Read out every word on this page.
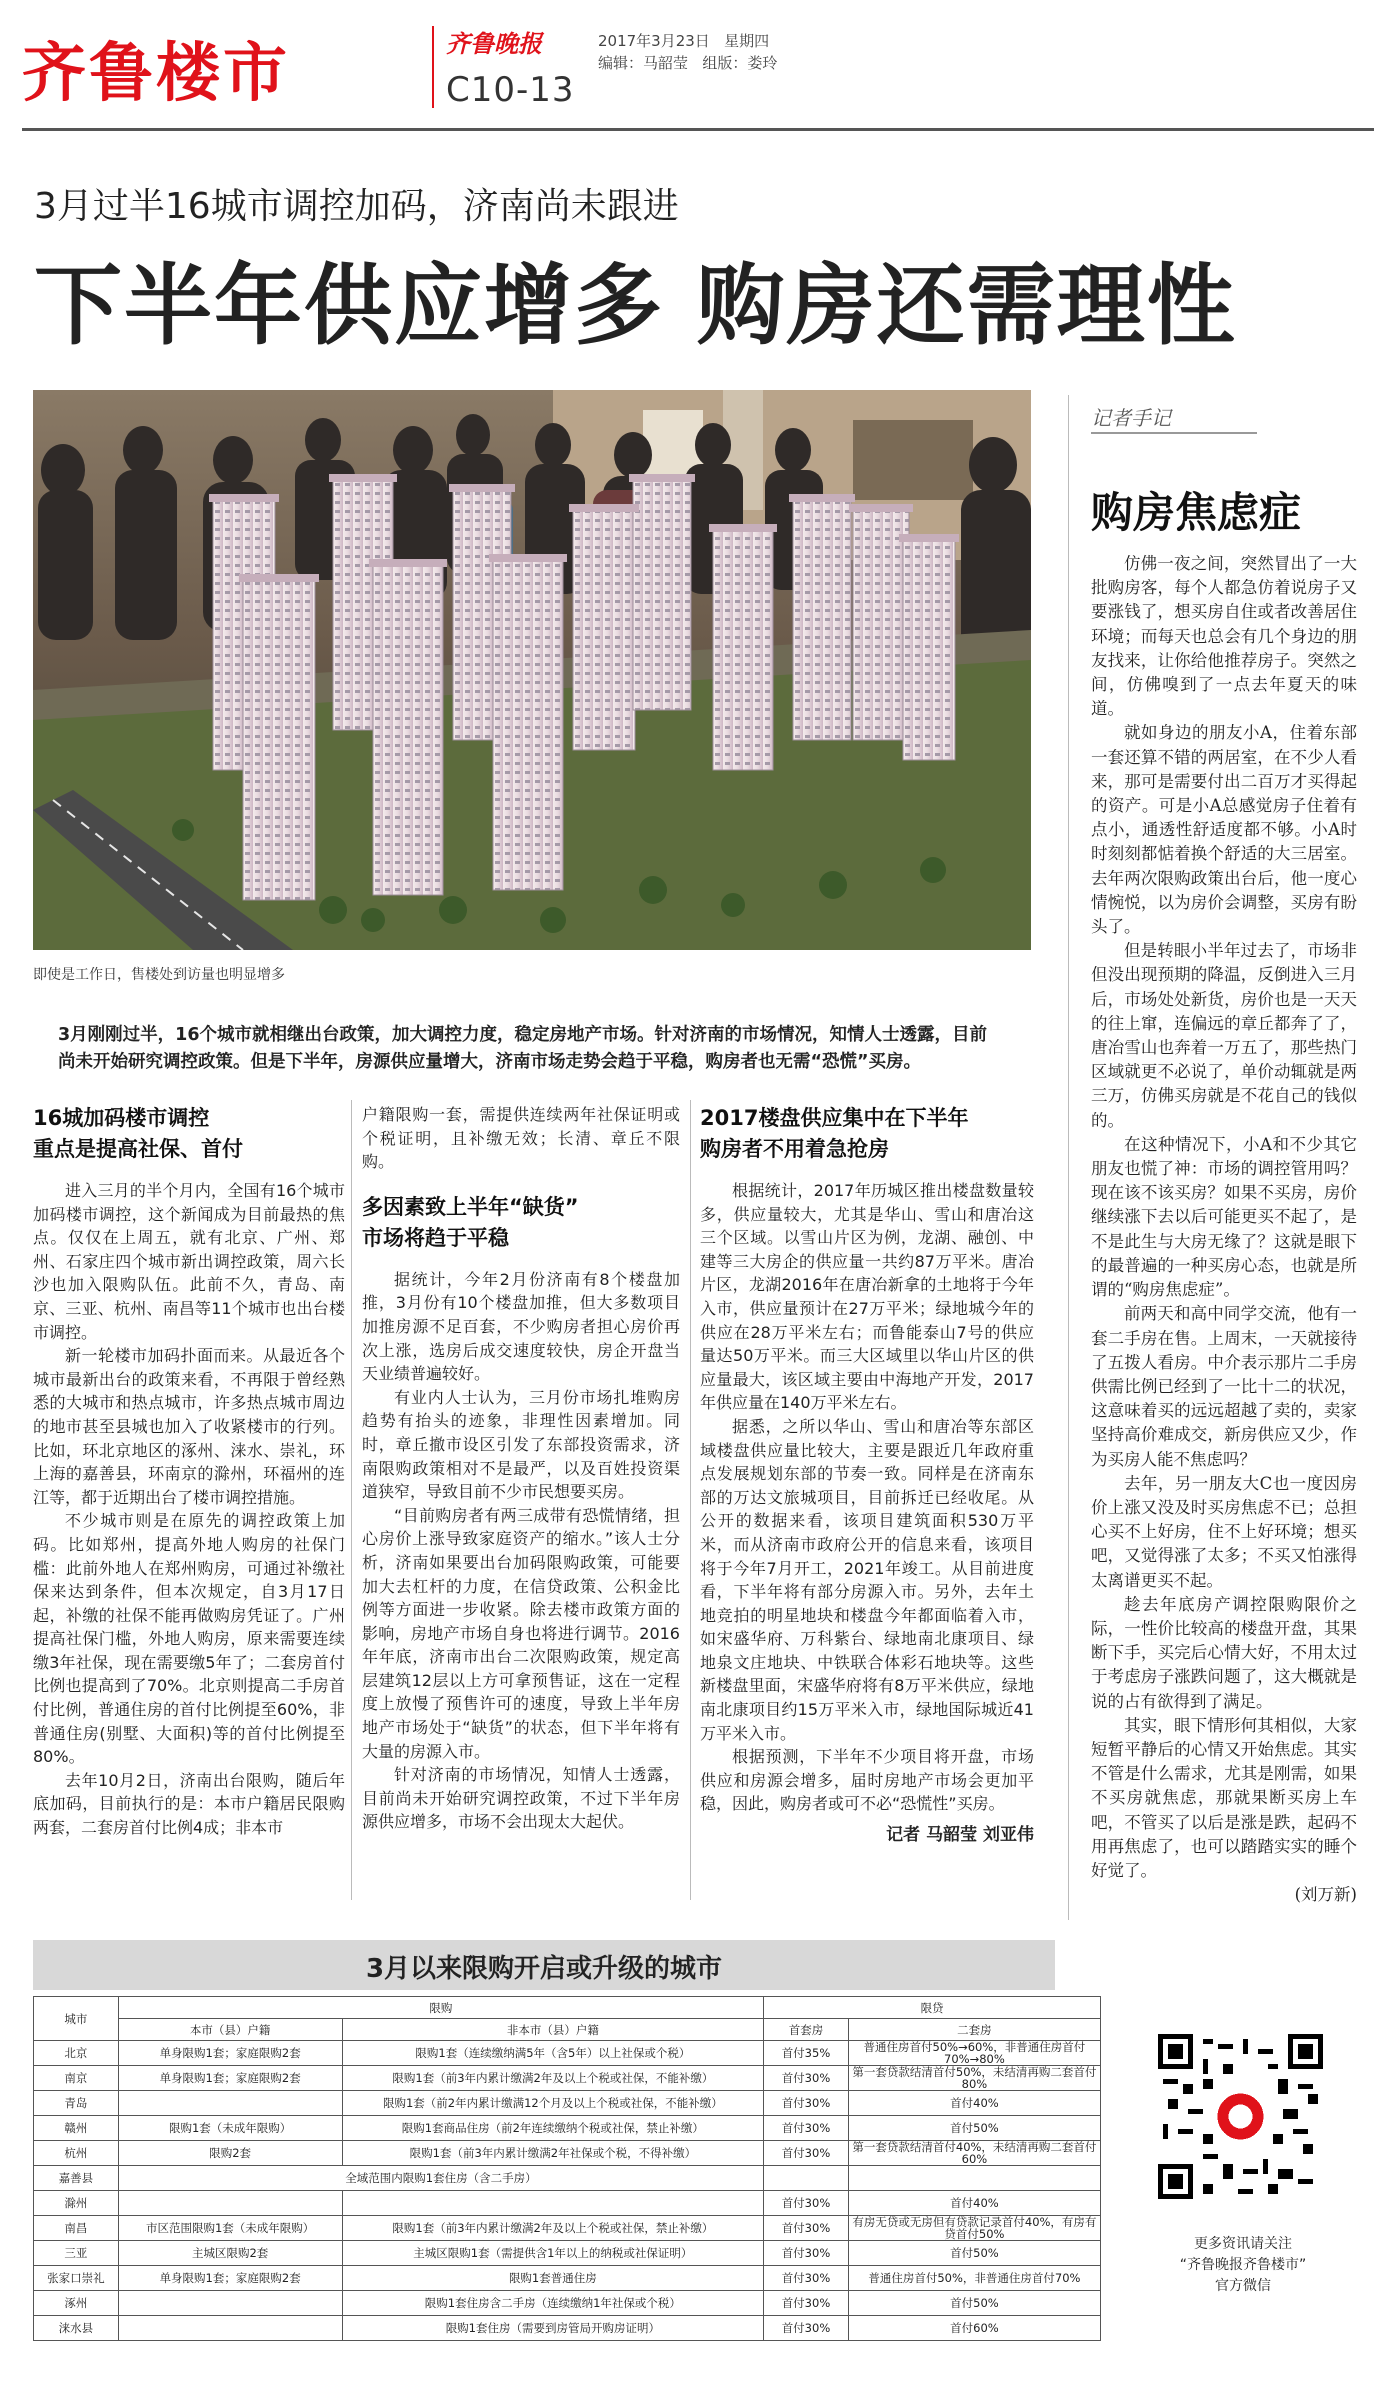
齐鲁楼市	齐鲁晚报
C10-13
2017年3月23日 星期四
编辑：马韶莹 组版：娄玲
3月过半16城市调控加码，济南尚未跟进
下半年供应增多 购房还需理性
即使是工作日，售楼处到访量也明显增多
3月刚刚过半，16个城市就相继出台政策，加大调控力度，稳定房地产市场。针对济南的市场情况，知情人士透露，目前尚未开始研究调控政策。但是下半年，房源供应量增大，济南市场走势会趋于平稳，购房者也无需“恐慌”买房。
16城加码楼市调控
重点是提高社保、首付

进入三月的半个月内，全国有16个城市加码楼市调控，这个新闻成为目前最热的焦点。仅仅在上周五，就有北京、广州、郑州、石家庄四个城市新出调控政策，周六长沙也加入限购队伍。此前不久，青岛、南京、三亚、杭州、南昌等11个城市也出台楼市调控。

新一轮楼市加码扑面而来。从最近各个城市最新出台的政策来看，不再限于曾经熟悉的大城市和热点城市，许多热点城市周边的地市甚至县城也加入了收紧楼市的行列。比如，环北京地区的涿州、涞水、崇礼，环上海的嘉善县，环南京的滁州，环福州的连江等，都于近期出台了楼市调控措施。

不少城市则是在原先的调控政策上加码。比如郑州，提高外地人购房的社保门槛：此前外地人在郑州购房，可通过补缴社保来达到条件，但本次规定，自3月17日起，补缴的社保不能再做购房凭证了。广州提高社保门槛，外地人购房，原来需要连续缴3年社保，现在需要缴5年了；二套房首付比例也提高到了70%。北京则提高二手房首付比例，普通住房的首付比例提至60%，非普通住房(别墅、大面积)等的首付比例提至80%。

去年10月2日，济南出台限购，随后年底加码，目前执行的是：本市户籍居民限购两套，二套房首付比例4成；非本市

户籍限购一套，需提供连续两年社保证明或个税证明，且补缴无效；长清、章丘不限购。

多因素致上半年“缺货”
市场将趋于平稳

据统计，今年2月份济南有8个楼盘加推，3月份有10个楼盘加推，但大多数项目加推房源不足百套，不少购房者担心房价再次上涨，选房后成交速度较快，房企开盘当天业绩普遍较好。

有业内人士认为，三月份市场扎堆购房趋势有抬头的迹象，非理性因素增加。同时，章丘撤市设区引发了东部投资需求，济南限购政策相对不是最严，以及百姓投资渠道狭窄，导致目前不少市民想要买房。

“目前购房者有两三成带有恐慌情绪，担心房价上涨导致家庭资产的缩水。”该人士分析，济南如果要出台加码限购政策，可能要加大去杠杆的力度，在信贷政策、公积金比例等方面进一步收紧。除去楼市政策方面的影响，房地产市场自身也将进行调节。2016年年底，济南市出台二次限购政策，规定高层建筑12层以上方可拿预售证，这在一定程度上放慢了预售许可的速度，导致上半年房地产市场处于“缺货”的状态，但下半年将有大量的房源入市。

针对济南的市场情况，知情人士透露，目前尚未开始研究调控政策，不过下半年房源供应增多，市场不会出现太大起伏。

2017楼盘供应集中在下半年
购房者不用着急抢房

根据统计，2017年历城区推出楼盘数量较多，供应量较大，尤其是华山、雪山和唐冶这三个区域。以雪山片区为例，龙湖、融创、中建等三大房企的供应量一共约87万平米。唐冶片区，龙湖2016年在唐冶新拿的土地将于今年入市，供应量预计在27万平米；绿地城今年的供应在28万平米左右；而鲁能泰山7号的供应量达50万平米。而三大区域里以华山片区的供应量最大，该区域主要由中海地产开发，2017年供应量在140万平米左右。

据悉，之所以华山、雪山和唐冶等东部区域楼盘供应量比较大，主要是跟近几年政府重点发展规划东部的节奏一致。同样是在济南东部的万达文旅城项目，目前拆迁已经收尾。从公开的数据来看，该项目建筑面积530万平米，而从济南市政府公开的信息来看，该项目将于今年7月开工，2021年竣工。从目前进度看，下半年将有部分房源入市。另外，去年土地竞拍的明星地块和楼盘今年都面临着入市，如宋盛华府、万科紫台、绿地南北康项目、绿地泉文庄地块、中铁联合体彩石地块等。这些新楼盘里面，宋盛华府将有8万平米供应，绿地南北康项目约15万平米入市，绿地国际城近41万平米入市。

根据预测，下半年不少项目将开盘，市场供应和房源会增多，届时房地产市场会更加平稳，因此，购房者或可不必“恐慌性”买房。

记者 马韶莹 刘亚伟
记者手记
购房焦虑症

仿佛一夜之间，突然冒出了一大批购房客，每个人都急仿着说房子又要涨钱了，想买房自住或者改善居住环境；而每天也总会有几个身边的朋友找来，让你给他推荐房子。突然之间，仿佛嗅到了一点去年夏天的味道。

就如身边的朋友小A，住着东部一套还算不错的两居室，在不少人看来，那可是需要付出二百万才买得起的资产。可是小A总感觉房子住着有点小，通透性舒适度都不够。小A时时刻刻都惦着换个舒适的大三居室。去年两次限购政策出台后，他一度心情惋悦，以为房价会调整，买房有盼头了。

但是转眼小半年过去了，市场非但没出现预期的降温，反倒进入三月后，市场处处新货，房价也是一天天的往上窜，连偏远的章丘都奔了了，唐冶雪山也奔着一万五了，那些热门区域就更不必说了，单价动辄就是两三万，仿佛买房就是不花自己的钱似的。

在这种情况下，小A和不少其它朋友也慌了神：市场的调控管用吗？现在该不该买房？如果不买房，房价继续涨下去以后可能更买不起了，是不是此生与大房无缘了？这就是眼下的最普遍的一种买房心态，也就是所谓的“购房焦虑症”。

前两天和高中同学交流，他有一套二手房在售。上周末，一天就接待了五拨人看房。中介表示那片二手房供需比例已经到了一比十二的状况，这意味着买的远远超越了卖的，卖家坚持高价难成交，新房供应又少，作为买房人能不焦虑吗？

去年，另一朋友大C也一度因房价上涨又没及时买房焦虑不已；总担心买不上好房，住不上好环境；想买吧，又觉得涨了太多；不买又怕涨得太离谱更买不起。

趁去年底房产调控限购限价之际，一性价比较高的楼盘开盘，其果断下手，买完后心情大好，不用太过于考虑房子涨跌问题了，这大概就是说的占有欲得到了满足。

其实，眼下情形何其相似，大家短暂平静后的心情又开始焦虑。其实不管是什么需求，尤其是刚需，如果不买房就焦虑，那就果断买房上车吧，不管买了以后是涨是跌，起码不用再焦虑了，也可以踏踏实实的睡个好觉了。

(刘万新)
3月以来限购开启或升级的城市
城市	限购		限贷	
	本市（县）户籍	非本市（县）户籍	首套房	二套房
北京	单身限购1套；家庭限购2套	限购1套（连续缴纳满5年（含5年）以上社保或个税）	首付35%	普通住房首付50%→60%，非普通住房首付70%→80%
南京	单身限购1套；家庭限购2套	限购1套（前3年内累计缴满2年及以上个税或社保，不能补缴）	首付30%	第一套贷款结清首付50%，未结清再购二套首付80%
青岛		限购1套（前2年内累计缴满12个月及以上个税或社保，不能补缴）	首付30%	首付40%
赣州	限购1套（未成年限购）	限购1套商品住房（前2年连续缴纳个税或社保，禁止补缴）	首付30%	首付50%
杭州	限购2套	限购1套（前3年内累计缴满2年社保或个税，不得补缴）	首付30%	第一套贷款结清首付40%，未结清再购二套首付60%
嘉善县	全域范围内限购1套住房（含二手房）			
滁州			首付30%	首付40%
南昌	市区范围限购1套（未成年限购）	限购1套（前3年内累计缴满2年及以上个税或社保，禁止补缴）	首付30%	有房无贷或无房但有贷款记录首付40%，有房有贷首付50%
三亚	主城区限购2套	主城区限购1套（需提供含1年以上的纳税或社保证明）	首付30%	首付50%
张家口崇礼	单身限购1套；家庭限购2套	限购1套普通住房	首付30%	普通住房首付50%，非普通住房首付70%
涿州		限购1套住房含二手房（连续缴纳1年社保或个税）	首付30%	首付50%
涞水县		限购1套住房（需要到房管局开购房证明）	首付30%	首付60%
更多资讯请关注
“齐鲁晚报齐鲁楼市”
官方微信
